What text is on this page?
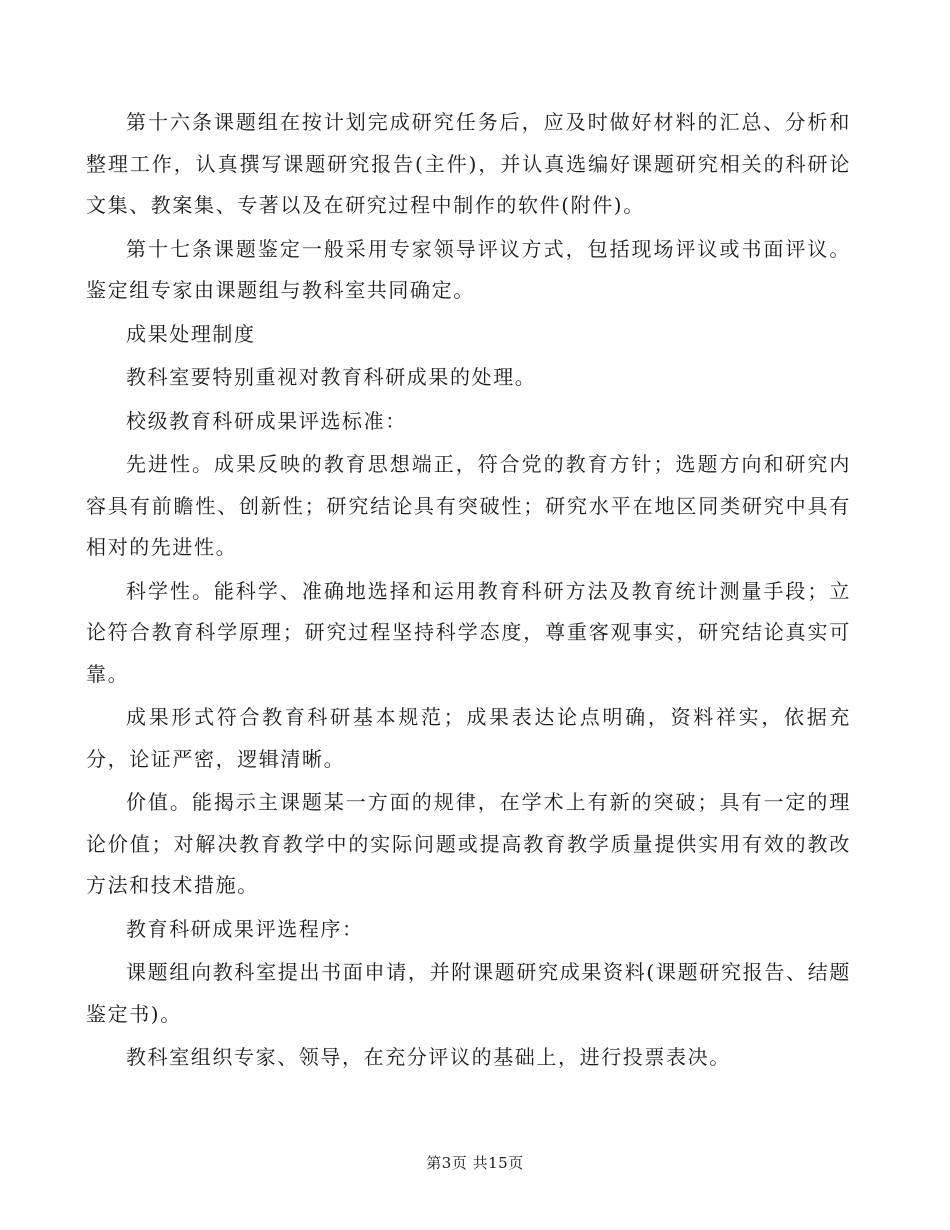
第十六条课题组在按计划完成研究任务后，应及时做好材料的汇总、分析和整理工作，认真撰写课题研究报告(主件)，并认真选编好课题研究相关的科研论文集、教案集、专著以及在研究过程中制作的软件(附件)。

第十七条课题鉴定一般采用专家领导评议方式，包括现场评议或书面评议。鉴定组专家由课题组与教科室共同确定。

成果处理制度

教科室要特别重视对教育科研成果的处理。

校级教育科研成果评选标准：

先进性。成果反映的教育思想端正，符合党的教育方针；选题方向和研究内容具有前瞻性、创新性；研究结论具有突破性；研究水平在地区同类研究中具有相对的先进性。

科学性。能科学、准确地选择和运用教育科研方法及教育统计测量手段；立论符合教育科学原理；研究过程坚持科学态度，尊重客观事实，研究结论真实可靠。

成果形式符合教育科研基本规范；成果表达论点明确，资料祥实，依据充分，论证严密，逻辑清晰。

价值。能揭示主课题某一方面的规律，在学术上有新的突破；具有一定的理论价值；对解决教育教学中的实际问题或提高教育教学质量提供实用有效的教改方法和技术措施。

教育科研成果评选程序：

课题组向教科室提出书面申请，并附课题研究成果资料(课题研究报告、结题鉴定书)。

教科室组织专家、领导，在充分评议的基础上，进行投票表决。

第3页 共15页
